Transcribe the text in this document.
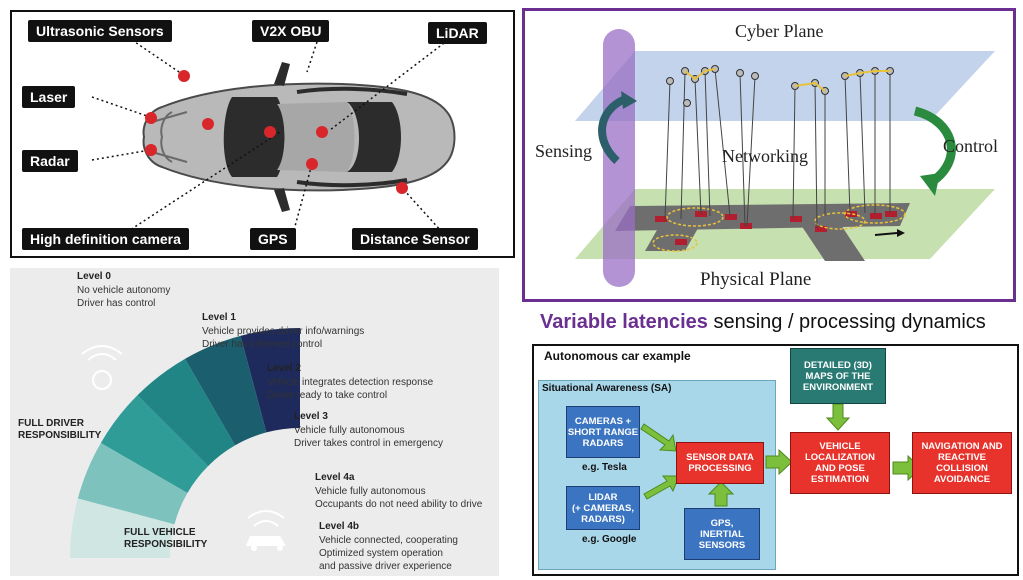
Ultrasonic Sensors	V2X OBU	LiDAR
Laser
Radar
High definition camera	GPS	Distance Sensor
Cyber Plane
Physical Plane
Sensing	Networking	Control
Variable latencies sensing / processing dynamics
Level 0
No vehicle autonomy
Driver has control
Level 1
Vehicle provides driver info/warnings
Driver has informed control
Level 2
Vehicle integrates detection response
Driver ready to take control
Level 3
Vehicle fully autonomous
Driver takes control in emergency
Level 4a
Vehicle fully autonomous
Occupants do not need ability to drive
Level 4b
Vehicle connected, cooperating
Optimized system operation
and passive driver experience
FULL DRIVER
RESPONSIBILITY
FULL VEHICLE
RESPONSIBILITY
Autonomous car example
Situational Awareness (SA)
CAMERAS +
SHORT RANGE
RADARS
e.g. Tesla
LIDAR
(+ CAMERAS,
RADARS)
e.g. Google
SENSOR DATA
PROCESSING
GPS,
INERTIAL
SENSORS
DETAILED (3D)
MAPS OF THE
ENVIRONMENT
VEHICLE
LOCALIZATION
AND POSE
ESTIMATION
NAVIGATION AND
REACTIVE
COLLISION
AVOIDANCE
